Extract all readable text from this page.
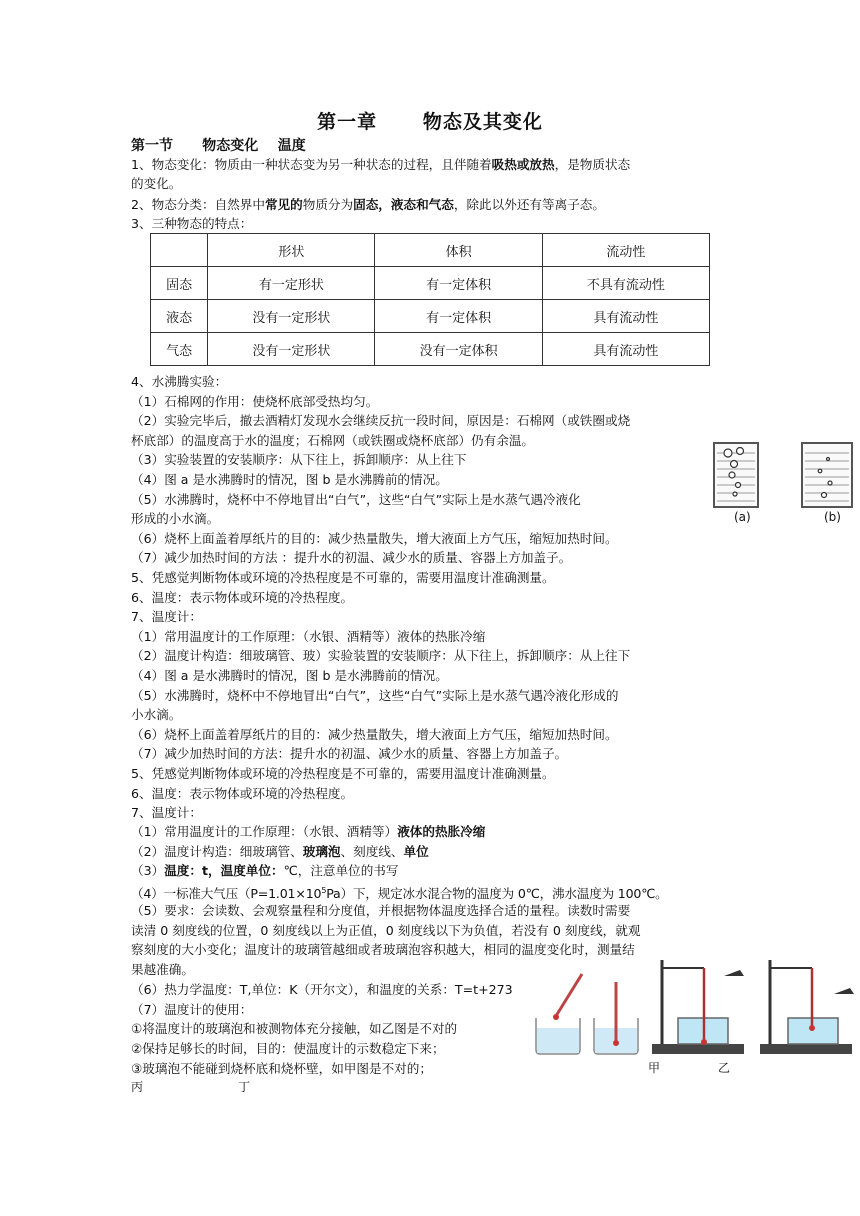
第一章      物态及其变化
第一节      物态变化    温度
1、物态变化：物质由一种状态变为另一种状态的过程，且伴随着吸热或放热，是物质状态
的变化。
2、物态分类：自然界中常见的物质分为固态，液态和气态，除此以外还有等离子态。
3、三种物态的特点：
	形状	体积	流动性
固态	有一定形状	有一定体积	不具有流动性
液态	没有一定形状	有一定体积	具有流动性
气态	没有一定形状	没有一定体积	具有流动性
4、水沸腾实验：
（1）石棉网的作用：使烧杯底部受热均匀。
（2）实验完毕后，撤去酒精灯发现水会继续反抗一段时间，原因是：石棉网（或铁圈或烧
杯底部）的温度高于水的温度；石棉网（或铁圈或烧杯底部）仍有余温。
（3）实验装置的安装顺序：从下往上，拆卸顺序：从上往下
（4）图 a 是水沸腾时的情况，图 b 是水沸腾前的情况。
（5）水沸腾时，烧杯中不停地冒出“白气”，这些“白气”实际上是水蒸气遇冷液化
形成的小水滴。
（6）烧杯上面盖着厚纸片的目的：减少热量散失，增大液面上方气压，缩短加热时间。
（7）减少加热时间的方法 ：提升水的初温、减少水的质量、容器上方加盖子。
5、凭感觉判断物体或环境的冷热程度是不可靠的，需要用温度计准确测量。
6、温度：表示物体或环境的冷热程度。
7、温度计：
（1）常用温度计的工作原理：（水银、酒精等）液体的热胀冷缩
（2）温度计构造：细玻璃管、玻）实验装置的安装顺序：从下往上，拆卸顺序：从上往下
（4）图 a 是水沸腾时的情况，图 b 是水沸腾前的情况。
（5）水沸腾时，烧杯中不停地冒出“白气”，这些“白气”实际上是水蒸气遇冷液化形成的
小水滴。
（6）烧杯上面盖着厚纸片的目的：减少热量散失，增大液面上方气压，缩短加热时间。
（7）减少加热时间的方法：提升水的初温、减少水的质量、容器上方加盖子。
5、凭感觉判断物体或环境的冷热程度是不可靠的，需要用温度计准确测量。
6、温度：表示物体或环境的冷热程度。
7、温度计：
（1）常用温度计的工作原理：（水银、酒精等）液体的热胀冷缩
（2）温度计构造：细玻璃管、玻璃泡、刻度线、单位
（3）温度：t，温度单位：℃，注意单位的书写
（4）一标准大气压$(P=1.01\times 10^5Pa)$下，规定冰水混合物的温度为 0℃，沸水温度为 100℃。
（5）要求：会读数、会观察量程和分度值，并根据物体温度选择合适的量程。读数时需要
读清 0 刻度线的位置，0 刻度线以上为正值，0 刻度线以下为负值，若没有 0 刻度线，就观
察刻度的大小变化；温度计的玻璃管越细或者玻璃泡容积越大，相同的温度变化时，测量结
果越准确。
（6）热力学温度：T,单位：K（开尔文），和温度的关系：T=t+273
（7）温度计的使用：
①将温度计的玻璃泡和被测物体充分接触，如乙图是不对的
②保持足够长的时间，目的：使温度计的示数稳定下来；
③玻璃泡不能碰到烧杯底和烧杯壁，如甲图是不对的；
(a)	(b)
甲	乙
丙	丁
